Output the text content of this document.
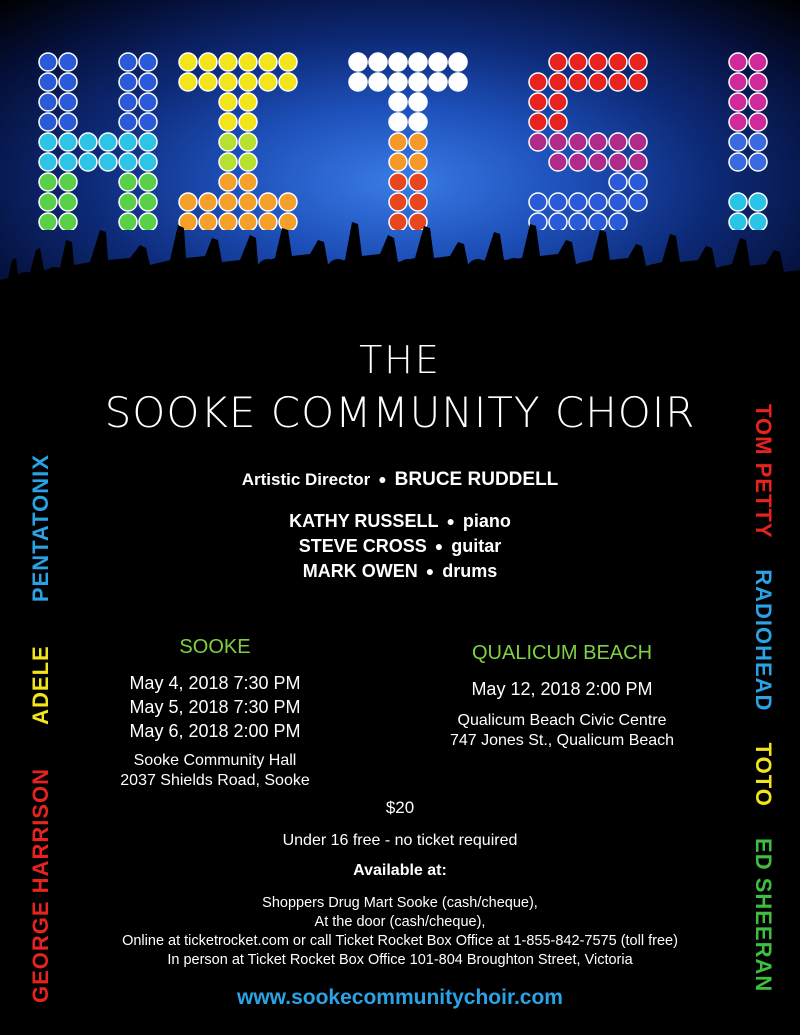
THE
SOOKE COMMUNITY CHOIR
Artistic Director ● BRUCE RUDDELL
KATHY RUSSELL ● piano
STEVE CROSS ● guitar
MARK OWEN ● drums
SOOKE
May 4, 2018 7:30 PM
May 5, 2018 7:30 PM
May 6, 2018 2:00 PM
Sooke Community Hall
2037 Shields Road, Sooke
QUALICUM BEACH
May 12, 2018 2:00 PM
Qualicum Beach Civic Centre
747 Jones St., Qualicum Beach
$20
Under 16 free - no ticket required
Available at:
Shoppers Drug Mart Sooke (cash/cheque),
At the door (cash/cheque),
Online at ticketrocket.com or call Ticket Rocket Box Office at 1-855-842-7575 (toll free)
In person at Ticket Rocket Box Office 101-804 Broughton Street, Victoria
www.sookecommunitychoir.com
GEORGE HARRISON ADELE PENTATONIX	TOM PETTY RADIOHEAD TOTO ED SHEERAN
